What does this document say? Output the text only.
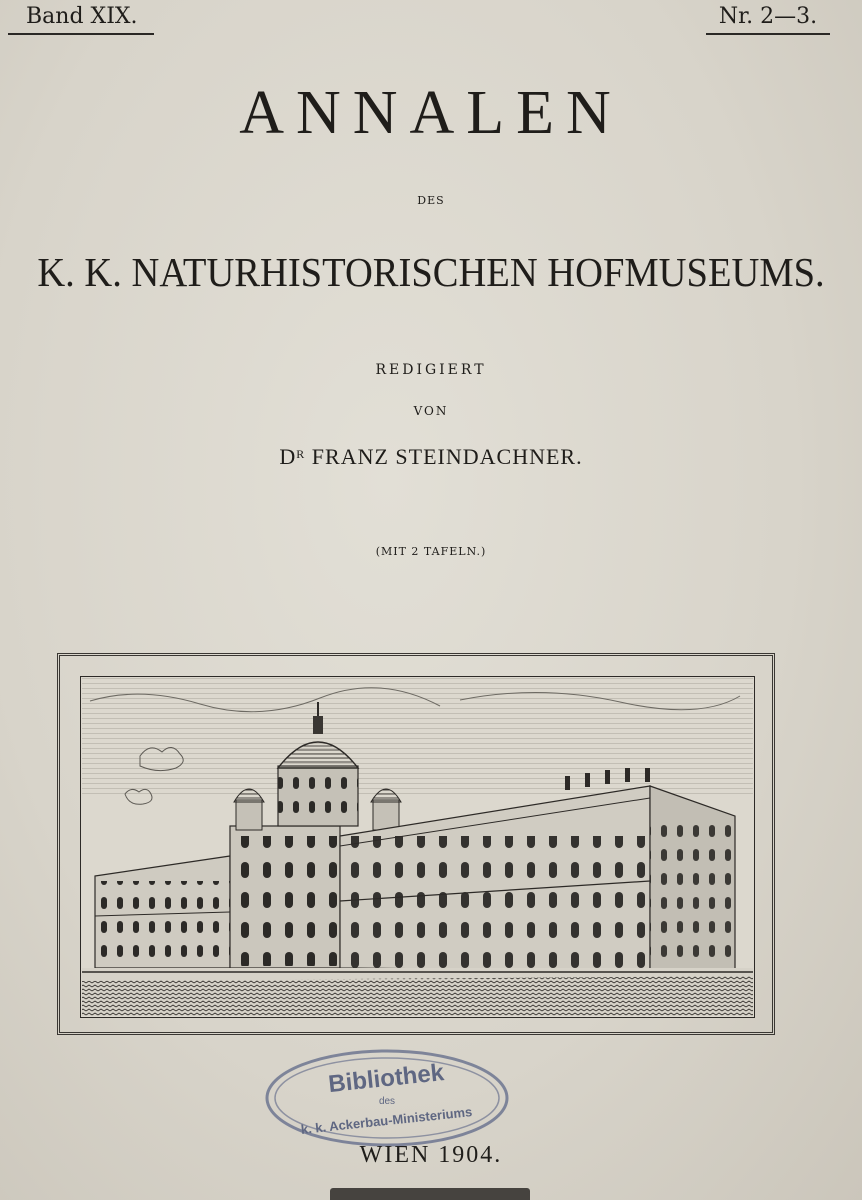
Band XIX.	Nr. 2—3.
ANNALEN
DES
K. K. NATURHISTORISCHEN HOFMUSEUMS.
REDIGIERT
VON
$D^R$ FRANZ STEINDACHNER.
(MIT 2 TAFELN.)
Bibliothek
des
k. k. Ackerbau-Ministeriums
WIEN 1904.
